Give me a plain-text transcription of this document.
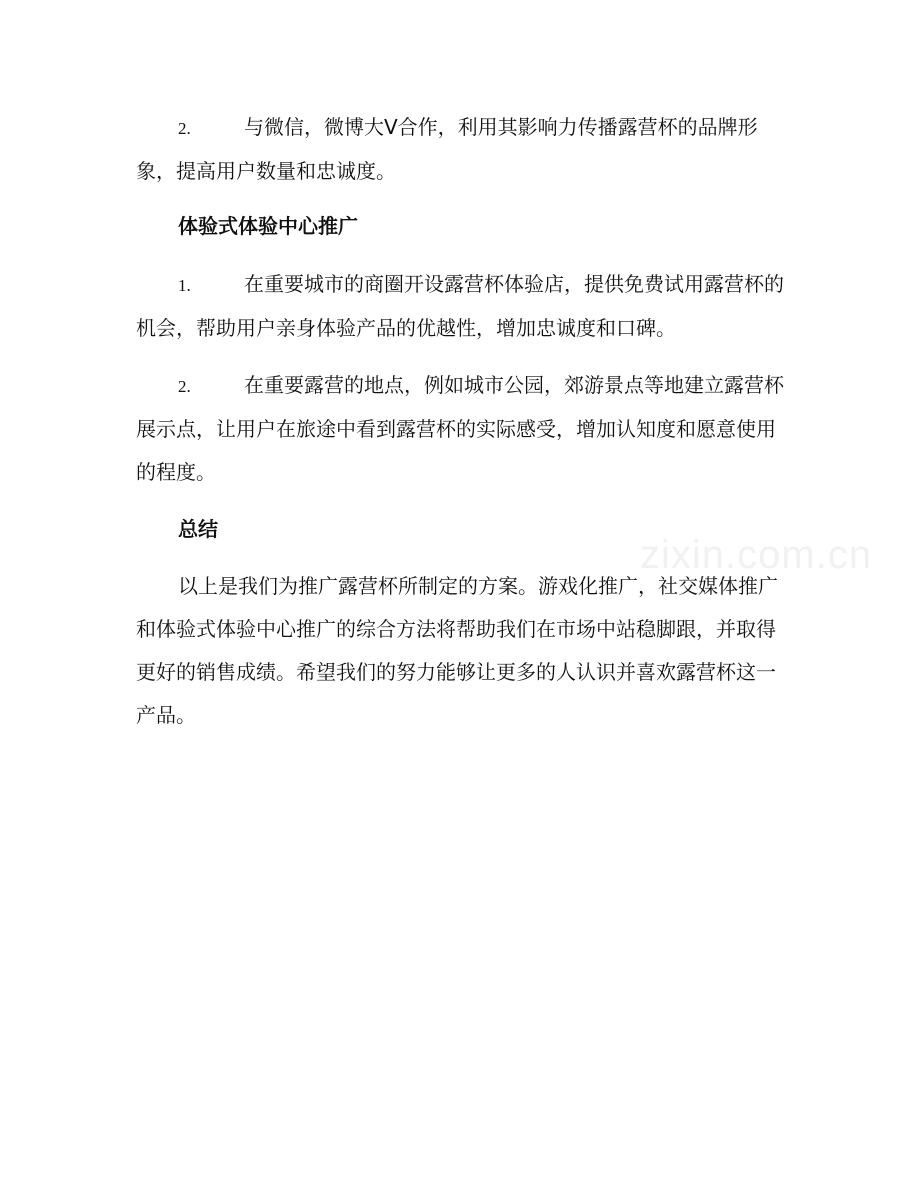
zixin.com.cn
2.	与微信，微博大V合作，利用其影响力传播露营杯的品牌形象，提高用户数量和忠诚度。
体验式体验中心推广
1.	在重要城市的商圈开设露营杯体验店，提供免费试用露营杯的机会，帮助用户亲身体验产品的优越性，增加忠诚度和口碑。
2.	在重要露营的地点，例如城市公园，郊游景点等地建立露营杯展示点，让用户在旅途中看到露营杯的实际感受，增加认知度和愿意使用的程度。
总结
以上是我们为推广露营杯所制定的方案。游戏化推广，社交媒体推广和体验式体验中心推广的综合方法将帮助我们在市场中站稳脚跟，并取得更好的销售成绩。希望我们的努力能够让更多的人认识并喜欢露营杯这一产品。
